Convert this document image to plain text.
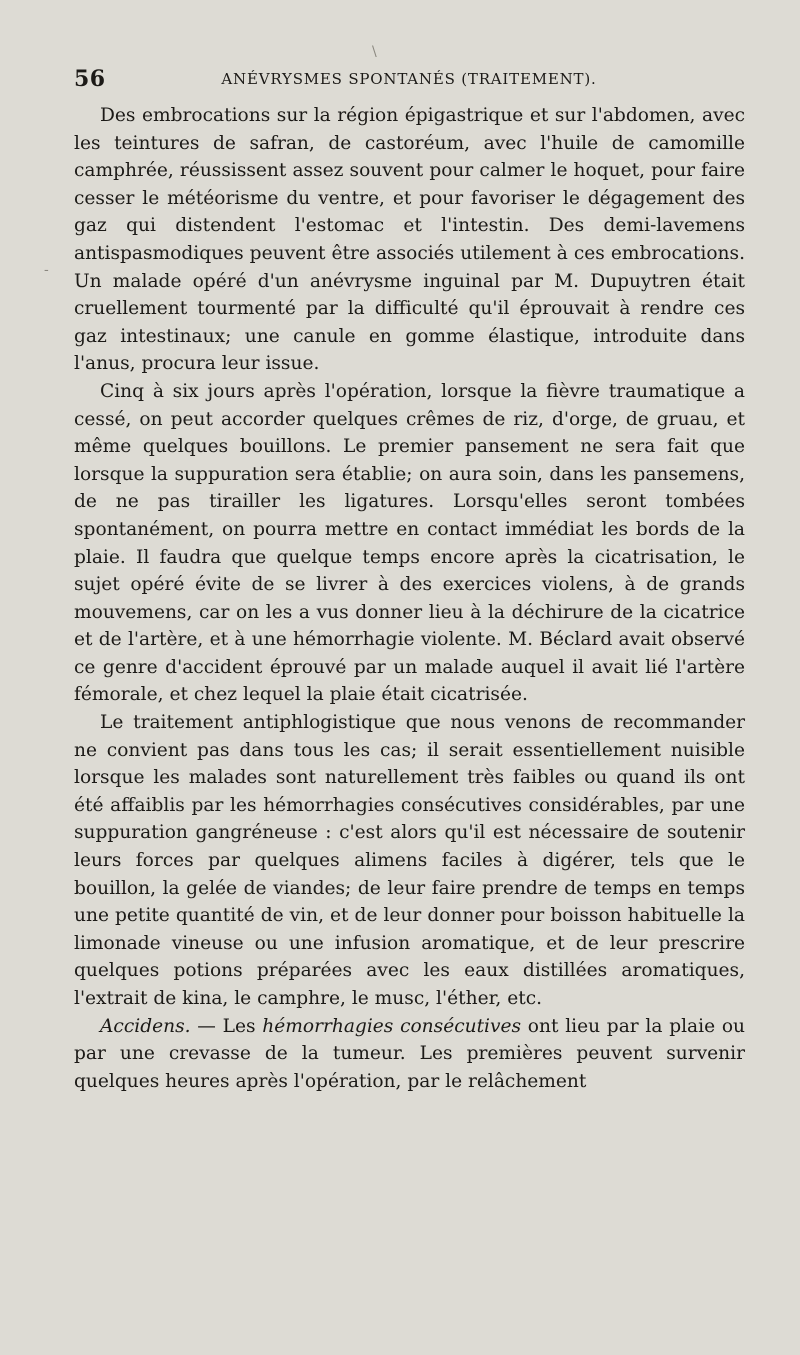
56	ANÉVRYSMES SPONTANÉS (TRAITEMENT).
\
-

Des embrocations sur la région épigastrique et sur l'abdomen, avec les teintures de safran, de castoréum, avec l'huile de camomille camphrée, réussissent assez souvent pour calmer le hoquet, pour faire cesser le météorisme du ventre, et pour favoriser le dégagement des gaz qui distendent l'estomac et l'intestin. Des demi-lavemens antispasmodiques peuvent être associés utilement à ces embrocations. Un malade opéré d'un anévrysme inguinal par M. Dupuytren était cruellement tourmenté par la difficulté qu'il éprouvait à rendre ces gaz intestinaux; une canule en gomme élastique, introduite dans l'anus, procura leur issue.

Cinq à six jours après l'opération, lorsque la fièvre traumatique a cessé, on peut accorder quelques crêmes de riz, d'orge, de gruau, et même quelques bouillons. Le premier pansement ne sera fait que lorsque la suppuration sera établie; on aura soin, dans les pansemens, de ne pas tirailler les ligatures. Lorsqu'elles seront tombées spontanément, on pourra mettre en contact immédiat les bords de la plaie. Il faudra que quelque temps encore après la cicatrisation, le sujet opéré évite de se livrer à des exercices violens, à de grands mouvemens, car on les a vus donner lieu à la déchirure de la cicatrice et de l'artère, et à une hémorrhagie violente. M. Béclard avait observé ce genre d'accident éprouvé par un malade auquel il avait lié l'artère fémorale, et chez lequel la plaie était cicatrisée.

Le traitement antiphlogistique que nous venons de recommander ne convient pas dans tous les cas; il serait essentiellement nuisible lorsque les malades sont naturellement très faibles ou quand ils ont été affaiblis par les hémorrhagies consécutives considérables, par une suppuration gangréneuse : c'est alors qu'il est nécessaire de soutenir leurs forces par quelques alimens faciles à digérer, tels que le bouillon, la gelée de viandes; de leur faire prendre de temps en temps une petite quantité de vin, et de leur donner pour boisson habituelle la limonade vineuse ou une infusion aromatique, et de leur prescrire quelques potions préparées avec les eaux distillées aromatiques, l'extrait de kina, le camphre, le musc, l'éther, etc.

Accidens. — Les hémorrhagies consécutives ont lieu par la plaie ou par une crevasse de la tumeur. Les premières peuvent survenir quelques heures après l'opération, par le relâchement
